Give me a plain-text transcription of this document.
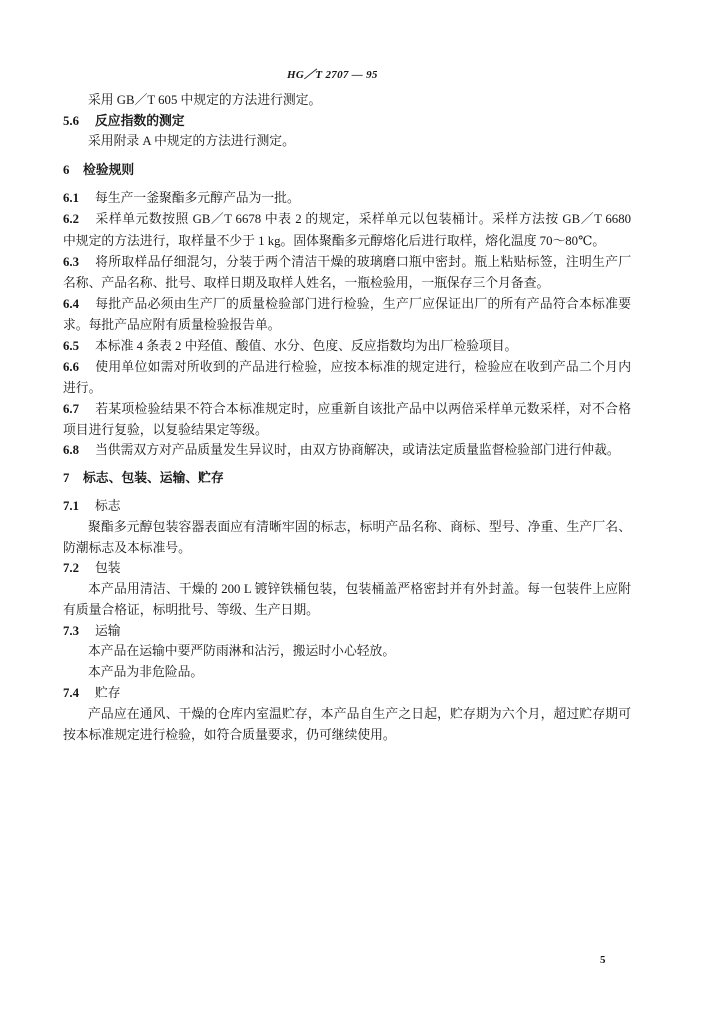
HG／T 2707 — 95
采用 GB／T 605 中规定的方法进行测定。
5.6 反应指数的测定
采用附录 A 中规定的方法进行测定。
6 检验规则
6.1 每生产一釜聚酯多元醇产品为一批。
6.2 采样单元数按照 GB／T 6678 中表 2 的规定，采样单元以包装桶计。采样方法按 GB／T 6680
中规定的方法进行，取样量不少于 1 kg。固体聚酯多元醇熔化后进行取样，熔化温度 70～80℃。
6.3 将所取样品仔细混匀，分装于两个清洁干燥的玻璃磨口瓶中密封。瓶上粘贴标签，注明生产厂
名称、产品名称、批号、取样日期及取样人姓名，一瓶检验用，一瓶保存三个月备查。
6.4 每批产品必须由生产厂的质量检验部门进行检验，生产厂应保证出厂的所有产品符合本标准要
求。每批产品应附有质量检验报告单。
6.5 本标准 4 条表 2 中羟值、酸值、水分、色度、反应指数均为出厂检验项目。
6.6 使用单位如需对所收到的产品进行检验，应按本标准的规定进行，检验应在收到产品二个月内
进行。
6.7 若某项检验结果不符合本标准规定时，应重新自该批产品中以两倍采样单元数采样，对不合格
项目进行复验，以复验结果定等级。
6.8 当供需双方对产品质量发生异议时，由双方协商解决，或请法定质量监督检验部门进行仲裁。
7 标志、包装、运输、贮存
7.1 标志
聚酯多元醇包装容器表面应有清晰牢固的标志，标明产品名称、商标、型号、净重、生产厂名、
防潮标志及本标准号。
7.2 包装
本产品用清洁、干燥的 200 L 镀锌铁桶包装，包装桶盖严格密封并有外封盖。每一包装件上应附
有质量合格证，标明批号、等级、生产日期。
7.3 运输
本产品在运输中要严防雨淋和沾污，搬运时小心轻放。
本产品为非危险品。
7.4 贮存
产品应在通风、干燥的仓库内室温贮存，本产品自生产之日起，贮存期为六个月，超过贮存期可
按本标准规定进行检验，如符合质量要求，仍可继续使用。
5
